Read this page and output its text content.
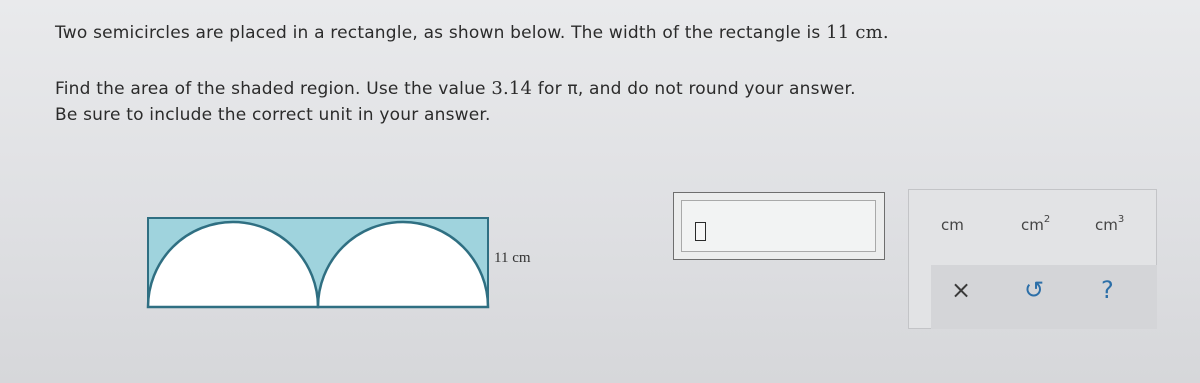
Two semicircles are placed in a rectangle, as shown below. The width of the rectangle is 11 cm.
Find the area of the shaded region. Use the value 3.14 for π, and do not round your answer.
Be sure to include the correct unit in your answer.
11 cm
cm	$cm^2$	$cm^3$
× ↺ ?
